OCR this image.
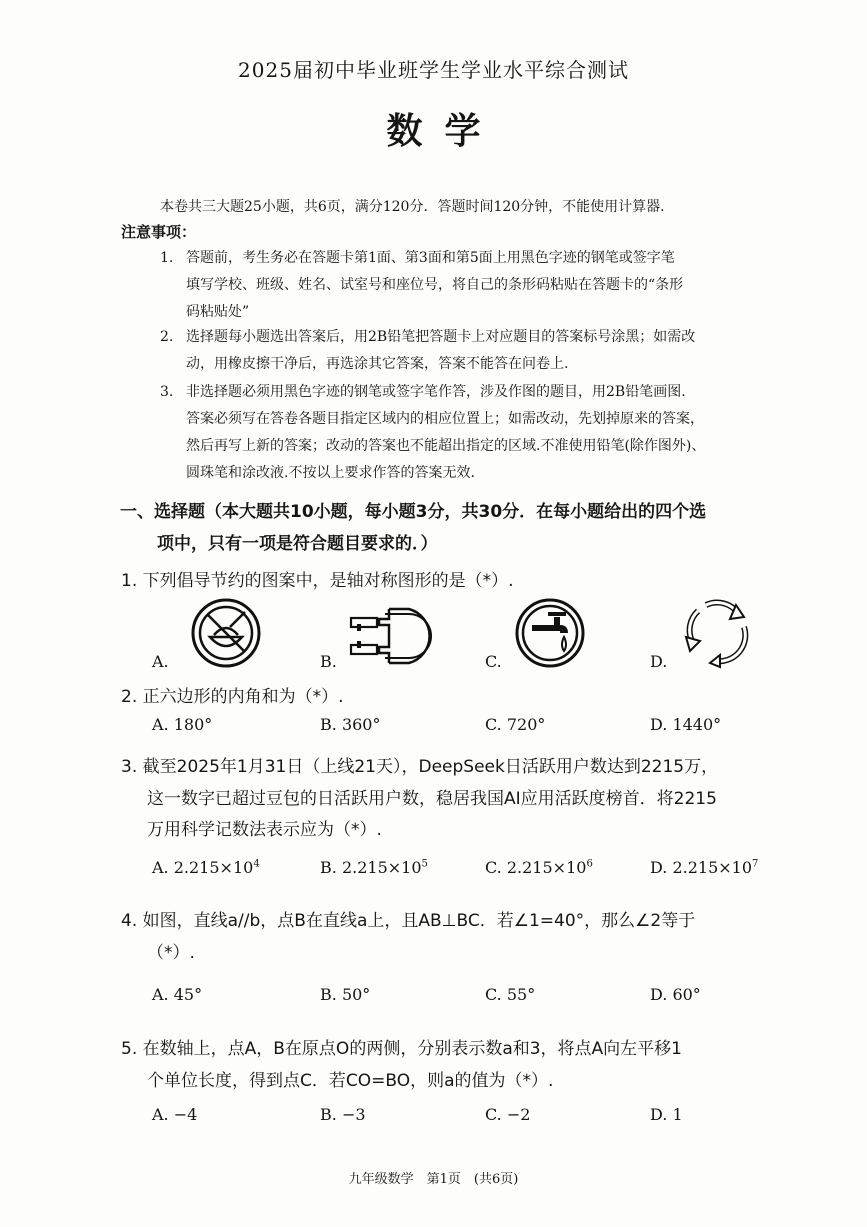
2025届初中毕业班学生学业水平综合测试
数学
本卷共三大题25小题，共6页，满分120分．答题时间120分钟，不能使用计算器．
注意事项：
1. 答题前，考生务必在答题卡第1面、第3面和第5面上用黑色字迹的钢笔或签字笔
填写学校、班级、姓名、试室号和座位号，将自己的条形码粘贴在答题卡的“条形
码粘贴处”
2. 选择题每小题选出答案后，用2B铅笔把答题卡上对应题目的答案标号涂黑；如需改
动，用橡皮擦干净后，再选涂其它答案，答案不能答在问卷上.
3. 非选择题必须用黑色字迹的钢笔或签字笔作答，涉及作图的题目，用2B铅笔画图.
答案必须写在答卷各题目指定区域内的相应位置上；如需改动，先划掉原来的答案，
然后再写上新的答案；改动的答案也不能超出指定的区域.不准使用铅笔(除作图外)、
圆珠笔和涂改液.不按以上要求作答的答案无效.
一、选择题（本大题共10小题，每小题3分，共30分．在每小题给出的四个选
项中，只有一项是符合题目要求的．）
1. 下列倡导节约的图案中，是轴对称图形的是（*）.
A.	B.	C.	D.
2. 正六边形的内角和为（*）.
A. 180°	B. 360°	C. 720°	D. 1440°
3. 截至2025年1月31日（上线21天），DeepSeek日活跃用户数达到2215万，
这一数字已超过豆包的日活跃用户数，稳居我国AI应用活跃度榜首．将2215
万用科学记数法表示应为（*）.
A. $2.215\times 10^4$	B. $2.215\times 10^5$	C. $2.215\times 10^6$	D. $2.215\times 10^7$
4. 如图，直线a//b，点B在直线a上，且AB⊥BC．若∠1=40°，那么∠2等于
（*）.
A. 45°	B. 50°	C. 55°	D. 60°
5. 在数轴上，点A，B在原点O的两侧，分别表示数a和3，将点A向左平移1
个单位长度，得到点C．若CO=BO，则a的值为（*）.
A. −4	B. −3	C. −2	D. 1
九年级数学　第1页　(共6页)
